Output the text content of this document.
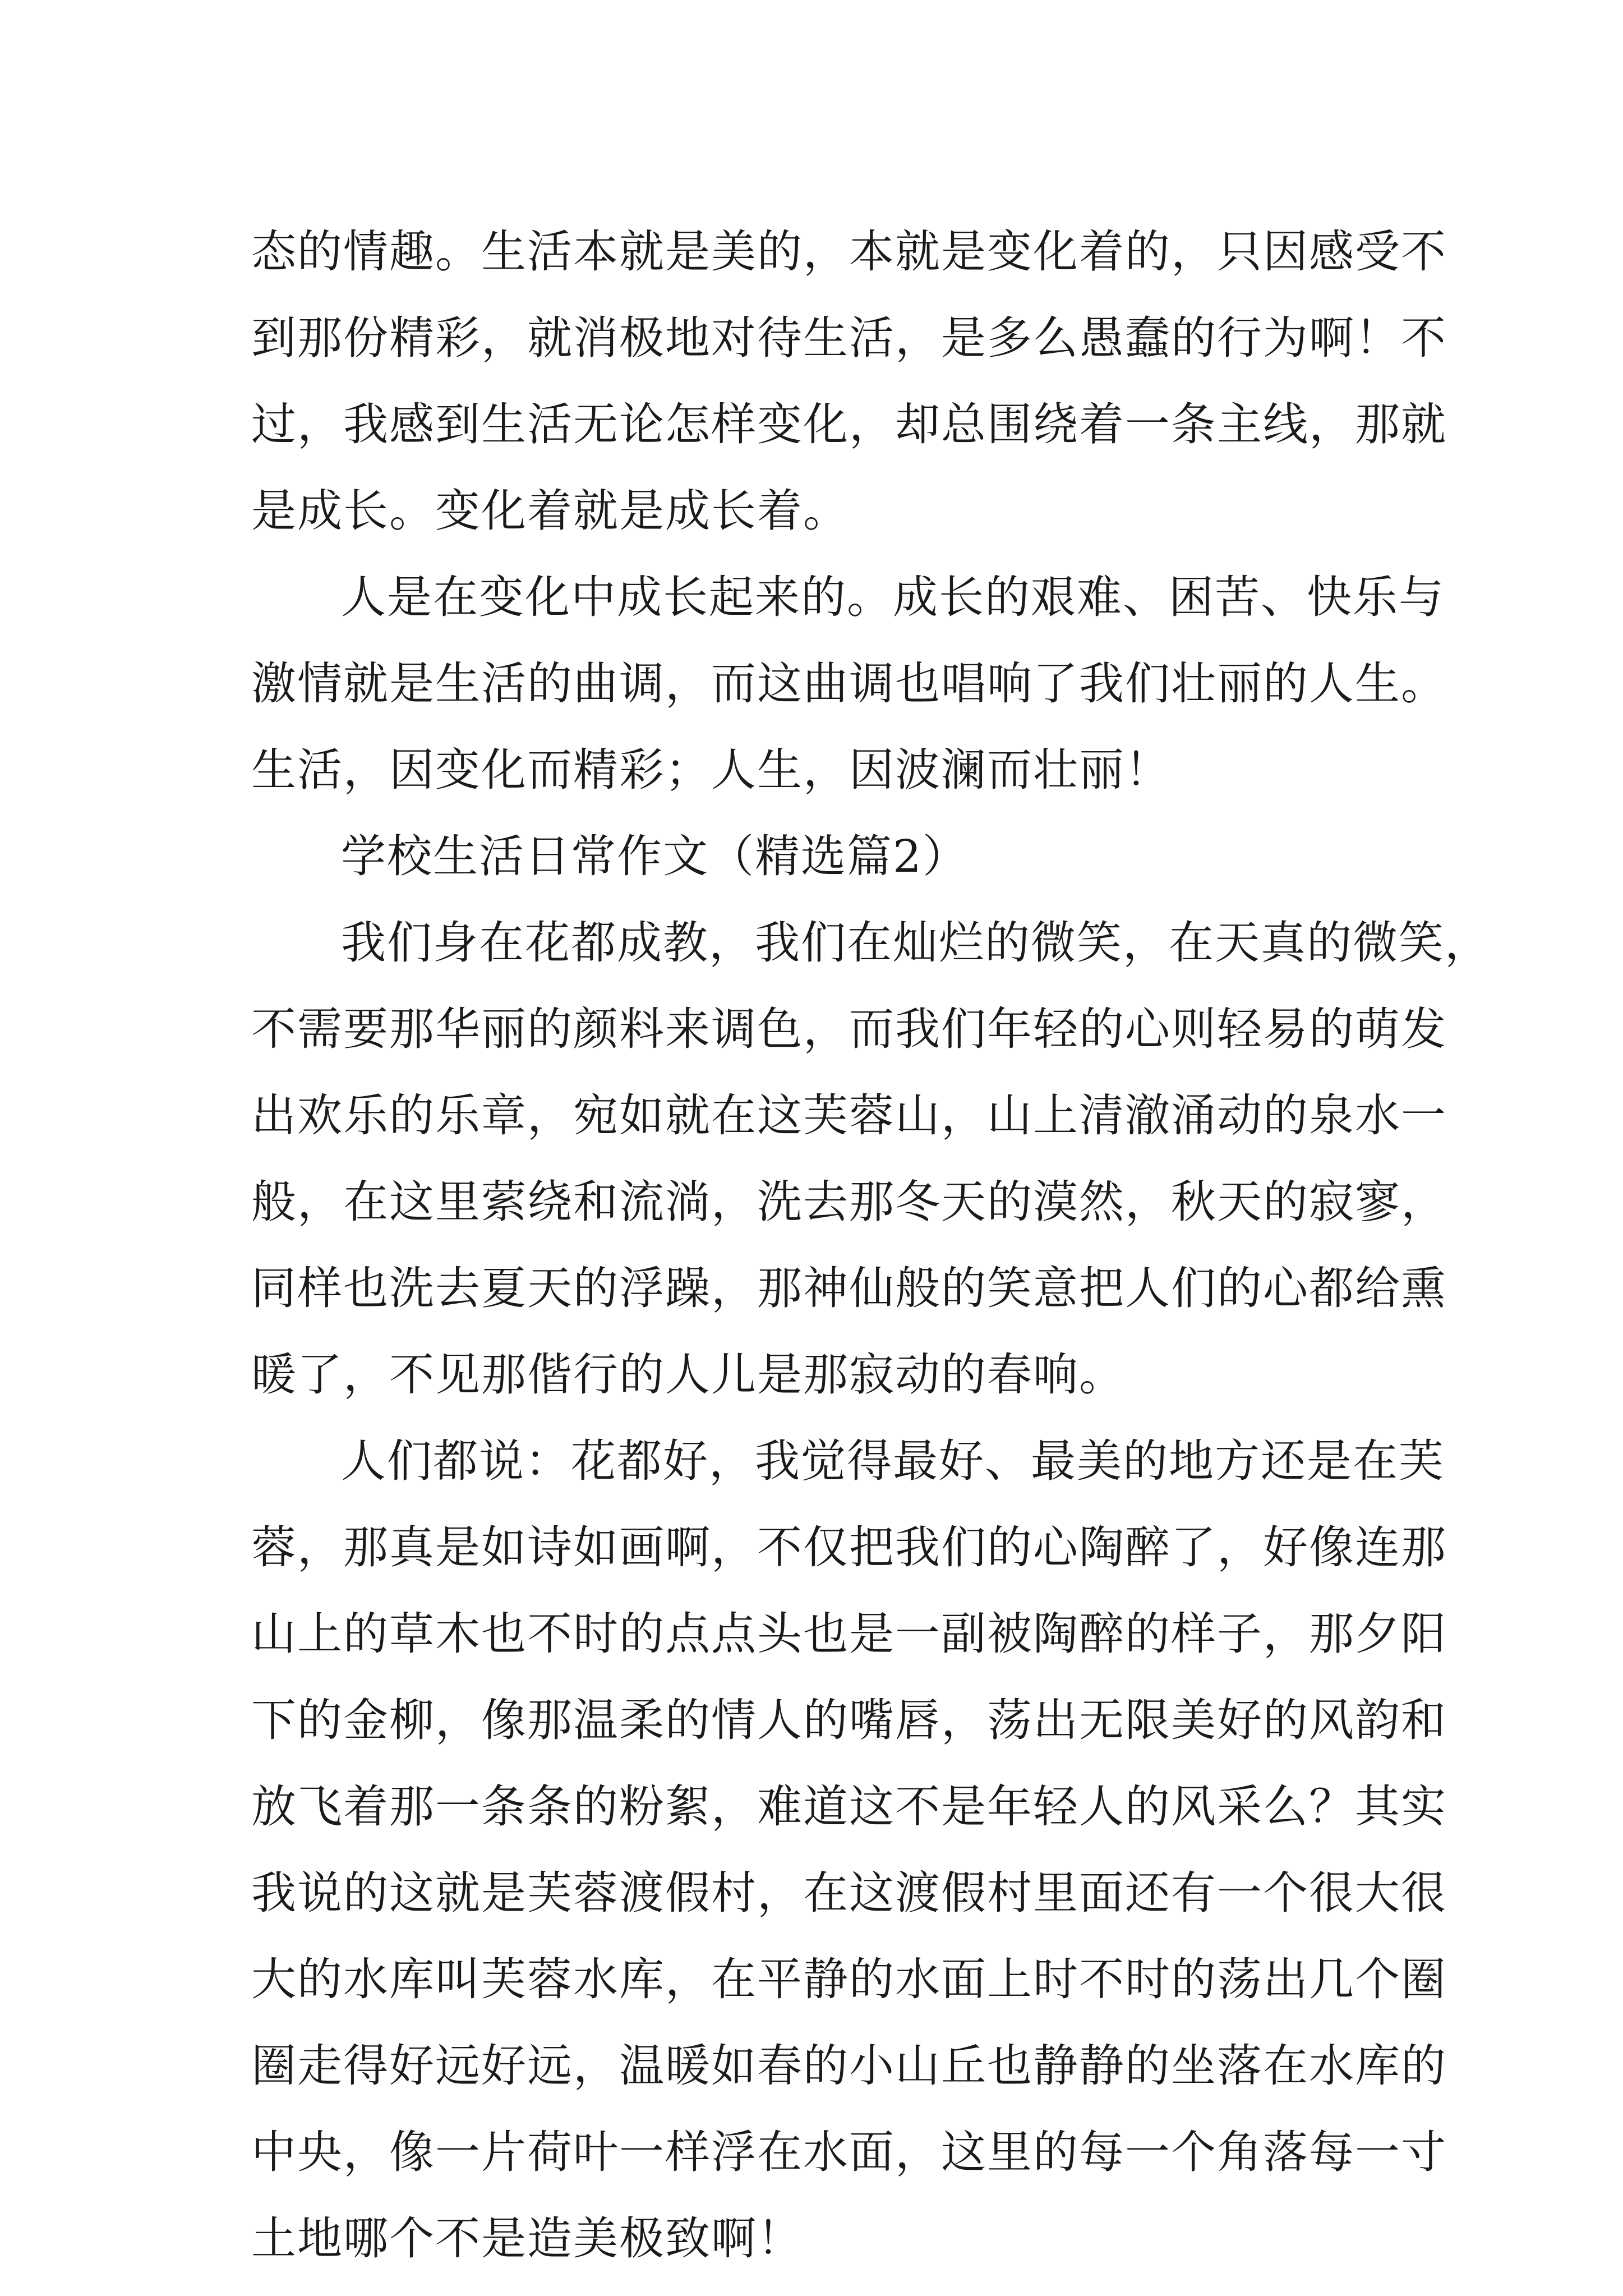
态的情趣。生活本就是美的，本就是变化着的，只因感受不
到那份精彩，就消极地对待生活，是多么愚蠢的行为啊！不
过，我感到生活无论怎样变化，却总围绕着一条主线，那就
是成长。变化着就是成长着。
人是在变化中成长起来的。成长的艰难、困苦、快乐与
激情就是生活的曲调，而这曲调也唱响了我们壮丽的人生。
生活，因变化而精彩；人生，因波澜而壮丽！
学校生活日常作文（精选篇2）
我们身在花都成教，我们在灿烂的微笑，在天真的微笑，
不需要那华丽的颜料来调色，而我们年轻的心则轻易的萌发
出欢乐的乐章，宛如就在这芙蓉山，山上清澈涌动的泉水一
般，在这里萦绕和流淌，洗去那冬天的漠然，秋天的寂寥，
同样也洗去夏天的浮躁，那神仙般的笑意把人们的心都给熏
暖了，不见那偕行的人儿是那寂动的春响。
人们都说：花都好，我觉得最好、最美的地方还是在芙
蓉，那真是如诗如画啊，不仅把我们的心陶醉了，好像连那
山上的草木也不时的点点头也是一副被陶醉的样子，那夕阳
下的金柳，像那温柔的情人的嘴唇，荡出无限美好的风韵和
放飞着那一条条的粉絮，难道这不是年轻人的风采么？其实
我说的这就是芙蓉渡假村，在这渡假村里面还有一个很大很
大的水库叫芙蓉水库，在平静的水面上时不时的荡出几个圈
圈走得好远好远，温暖如春的小山丘也静静的坐落在水库的
中央，像一片荷叶一样浮在水面，这里的每一个角落每一寸
土地哪个不是造美极致啊！
